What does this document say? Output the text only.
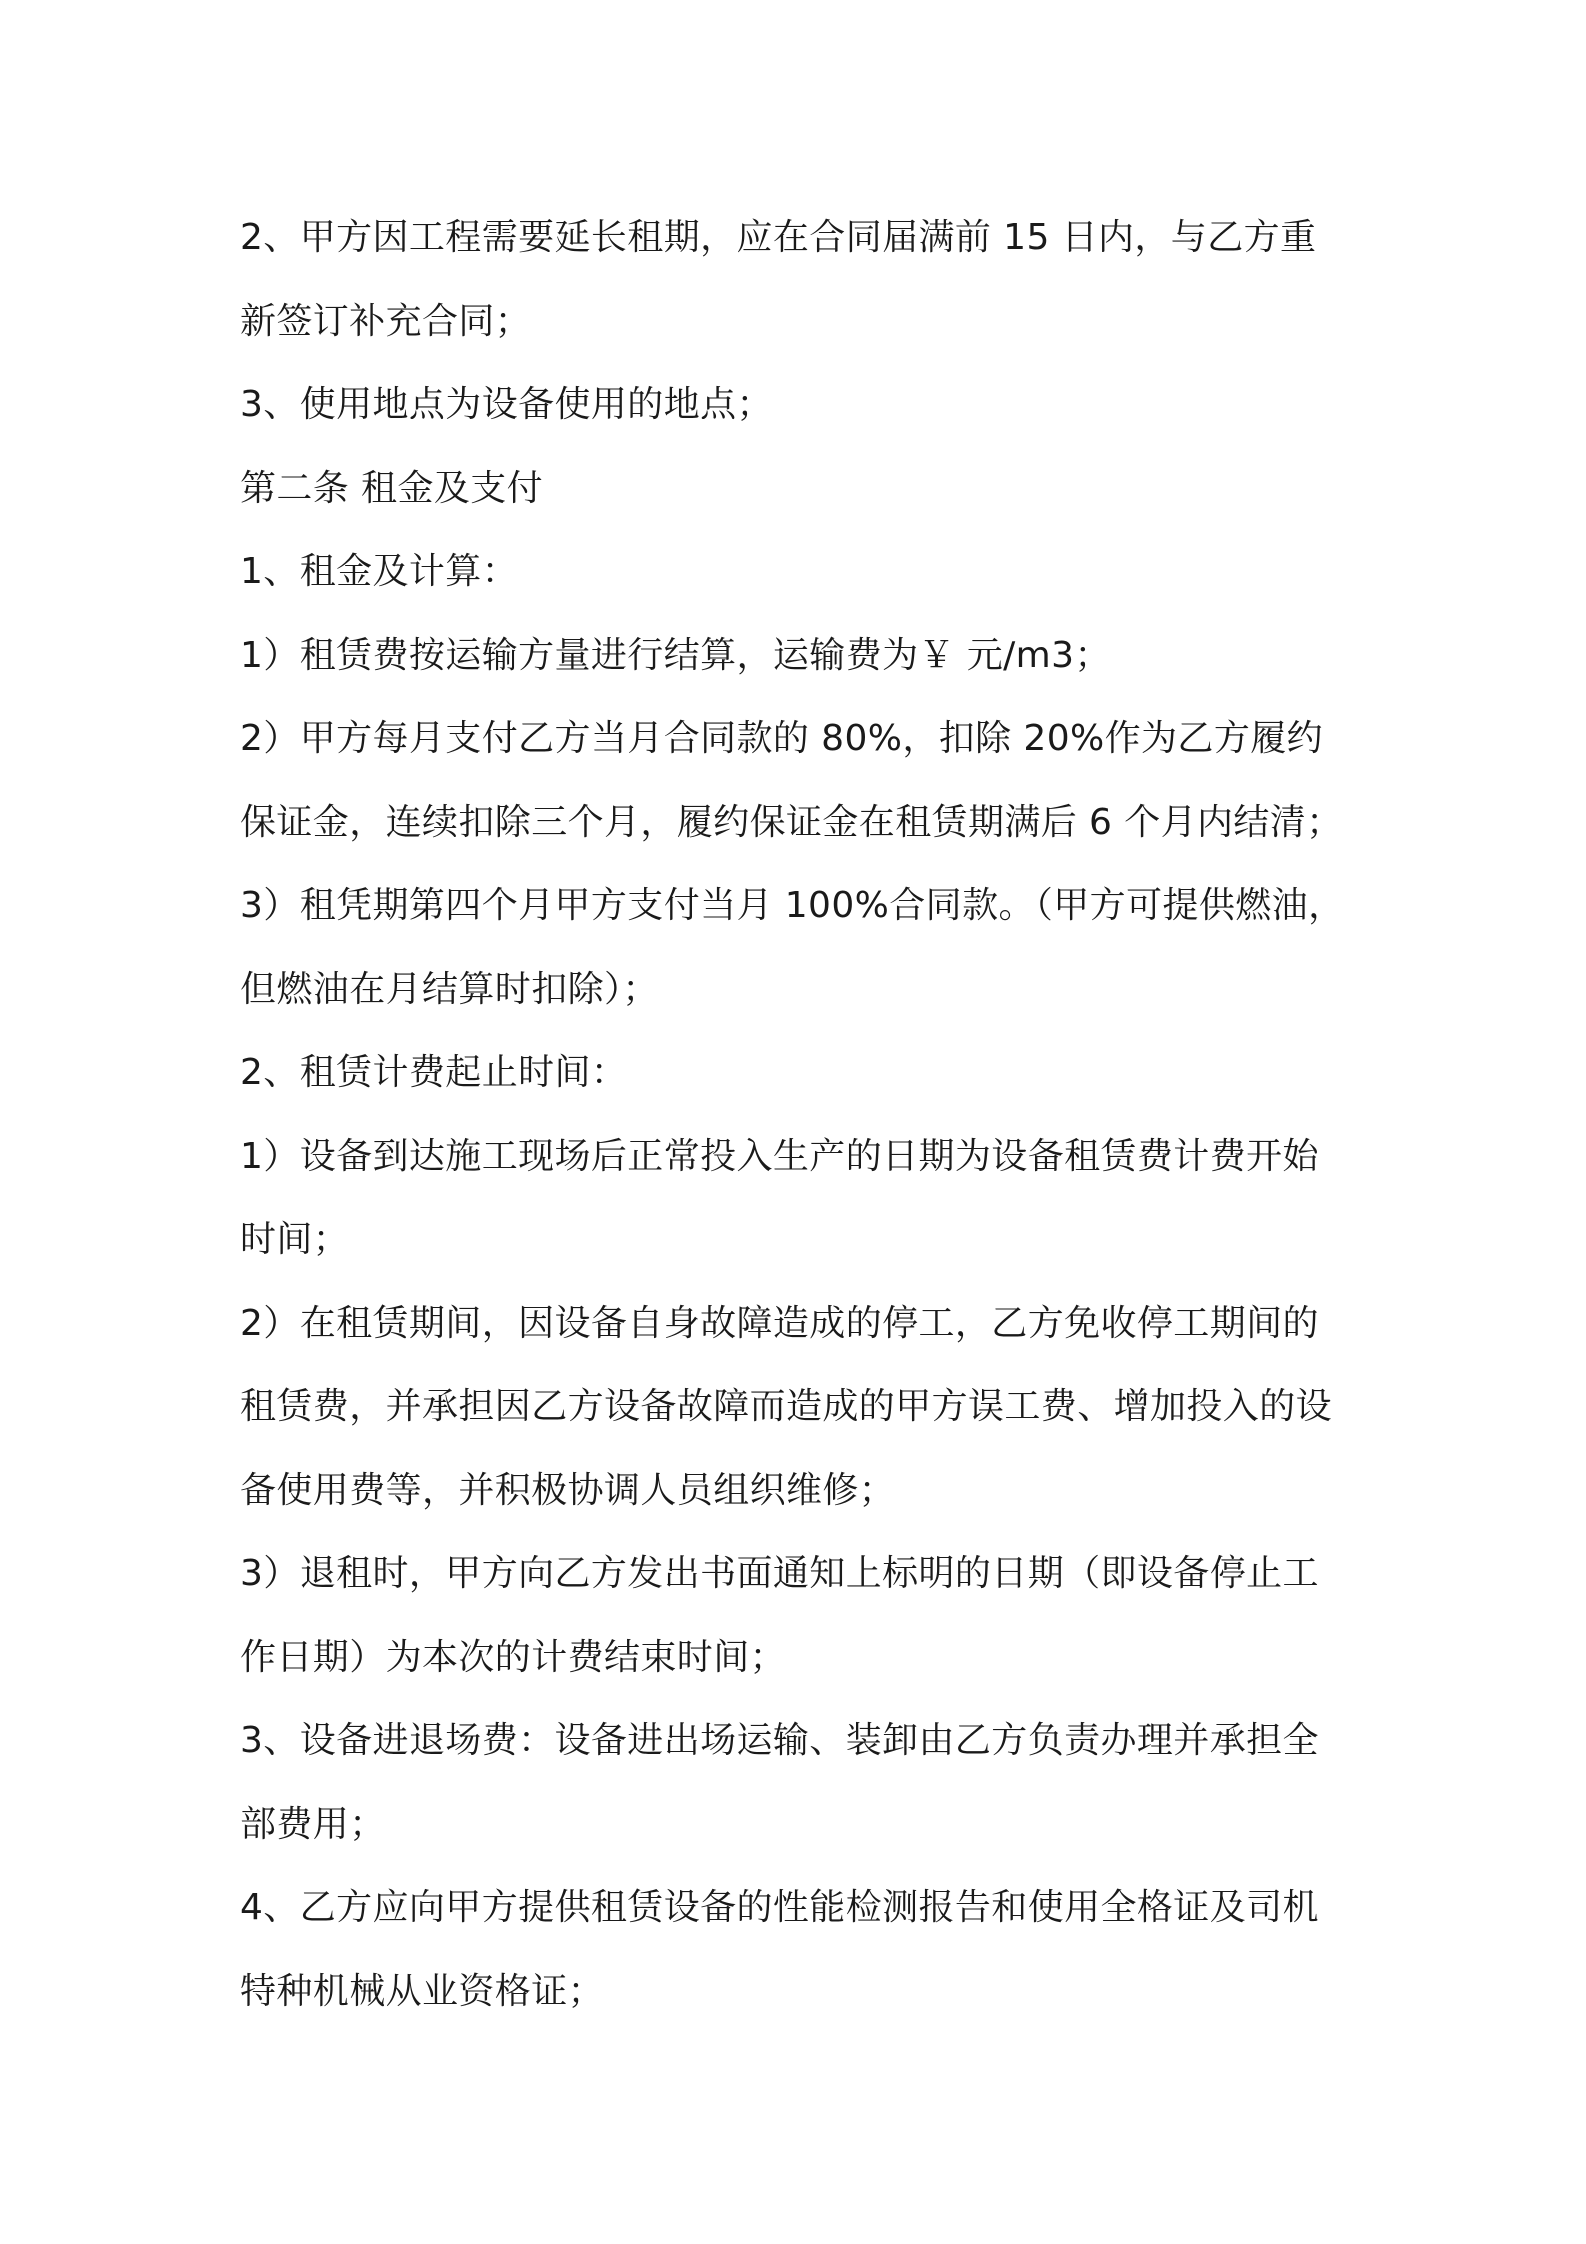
2、甲方因工程需要延长租期，应在合同届满前 15 日内，与乙方重
新签订补充合同；
3、使用地点为设备使用的地点；
第二条 租金及支付
1、租金及计算：
1）租赁费按运输方量进行结算，运输费为￥ 元/m3；
2）甲方每月支付乙方当月合同款的 80%，扣除 20%作为乙方履约
保证金，连续扣除三个月，履约保证金在租赁期满后 6 个月内结清；
3）租凭期第四个月甲方支付当月 100%合同款。（甲方可提供燃油，
但燃油在月结算时扣除）；
2、租赁计费起止时间：
1）设备到达施工现场后正常投入生产的日期为设备租赁费计费开始
时间；
2）在租赁期间，因设备自身故障造成的停工，乙方免收停工期间的
租赁费，并承担因乙方设备故障而造成的甲方误工费、增加投入的设
备使用费等，并积极协调人员组织维修；
3）退租时，甲方向乙方发出书面通知上标明的日期（即设备停止工
作日期）为本次的计费结束时间；
3、设备进退场费：设备进出场运输、装卸由乙方负责办理并承担全
部费用；
4、乙方应向甲方提供租赁设备的性能检测报告和使用全格证及司机
特种机械从业资格证；
